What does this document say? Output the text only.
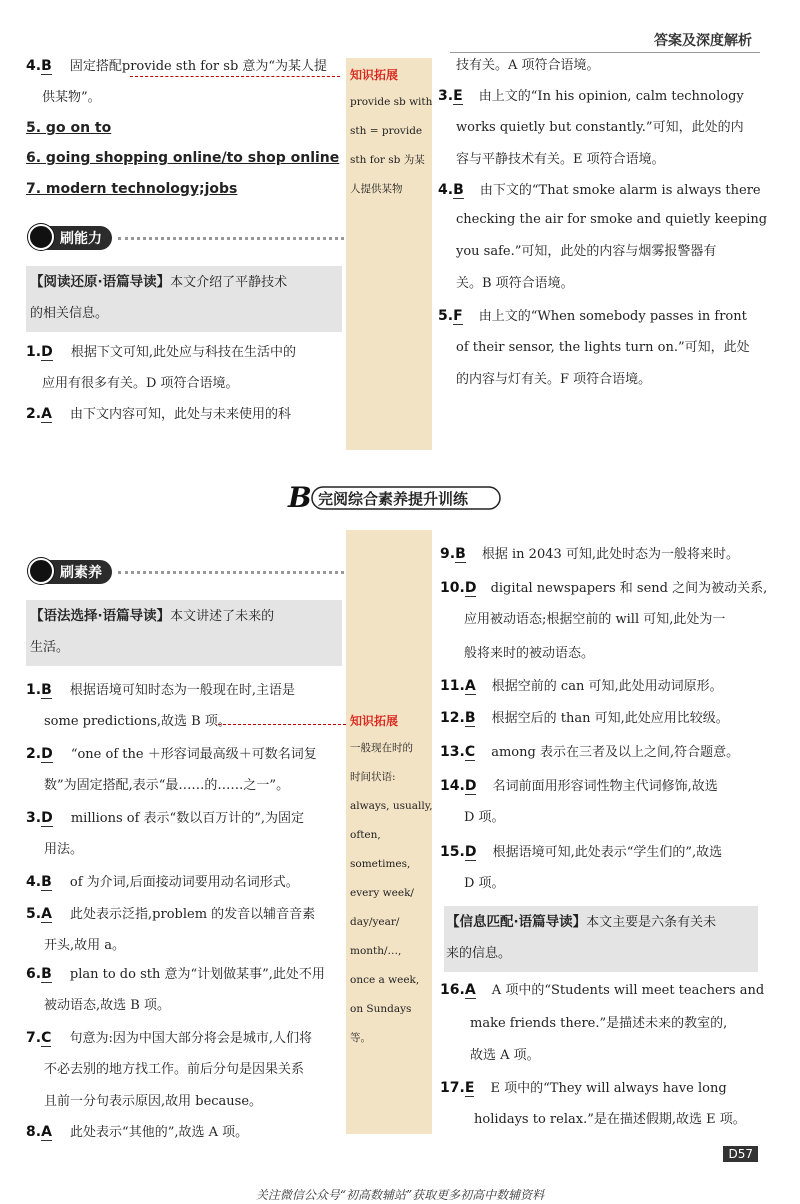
答案及深度解析
4.B 固定搭配provide sth for sb 意为“为某人提
供某物”。
5. go on to
6. going shopping online/to shop online
7. modern technology;jobs
刷能力
【阅读还原·语篇导读】本文介绍了平静技术
的相关信息。
1.D 根据下文可知,此处应与科技在生活中的
应用有很多有关。D 项符合语境。
2.A 由下文内容可知，此处与未来使用的科
知识拓展
provide sb with
sth = provide
sth for sb 为某
人提供某物
技有关。A 项符合语境。
3.E 由上文的“In his opinion, calm technology
works quietly but constantly.”可知，此处的内
容与平静技术有关。E 项符合语境。
4.B 由下文的“That smoke alarm is always there
checking the air for smoke and quietly keeping
you safe.”可知，此处的内容与烟雾报警器有
关。B 项符合语境。
5.F 由上文的“When somebody passes in front
of their sensor, the lights turn on.”可知，此处
的内容与灯有关。F 项符合语境。
B 完阅综合素养提升训练
刷素养
【语法选择·语篇导读】本文讲述了未来的
生活。
1.B 根据语境可知时态为一般现在时,主语是
some predictions,故选 B 项。
2.D “one of the ＋形容词最高级＋可数名词复
数”为固定搭配,表示“最……的……之一”。
3.D millions of 表示“数以百万计的”,为固定
用法。
4.B of 为介词,后面接动词要用动名词形式。
5.A 此处表示泛指,problem 的发音以辅音音素
开头,故用 a。
6.B plan to do sth 意为“计划做某事”,此处不用
被动语态,故选 B 项。
7.C 句意为:因为中国大部分将会是城市,人们将
不必去别的地方找工作。前后分句是因果关系
且前一分句表示原因,故用 because。
8.A 此处表示“其他的”,故选 A 项。
知识拓展
一般现在时的
时间状语:
always, usually,
often,
sometimes,
every week/
day/year/
month/…,
once a week,
on Sundays 等。
9.B 根据 in 2043 可知,此处时态为一般将来时。
10.D digital newspapers 和 send 之间为被动关系,
应用被动语态;根据空前的 will 可知,此处为一
般将来时的被动语态。
11.A 根据空前的 can 可知,此处用动词原形。
12.B 根据空后的 than 可知,此处应用比较级。
13.C among 表示在三者及以上之间,符合题意。
14.D 名词前面用形容词性物主代词修饰,故选
D 项。
15.D 根据语境可知,此处表示“学生们的”,故选
D 项。
【信息匹配·语篇导读】本文主要是六条有关未
来的信息。
16.A A 项中的“Students will meet teachers and
make friends there.”是描述未来的教室的,
故选 A 项。
17.E E 项中的“They will always have long
holidays to relax.”是在描述假期,故选 E 项。
D57
关注微信公众号“初高数辅站”获取更多初高中数辅资料
